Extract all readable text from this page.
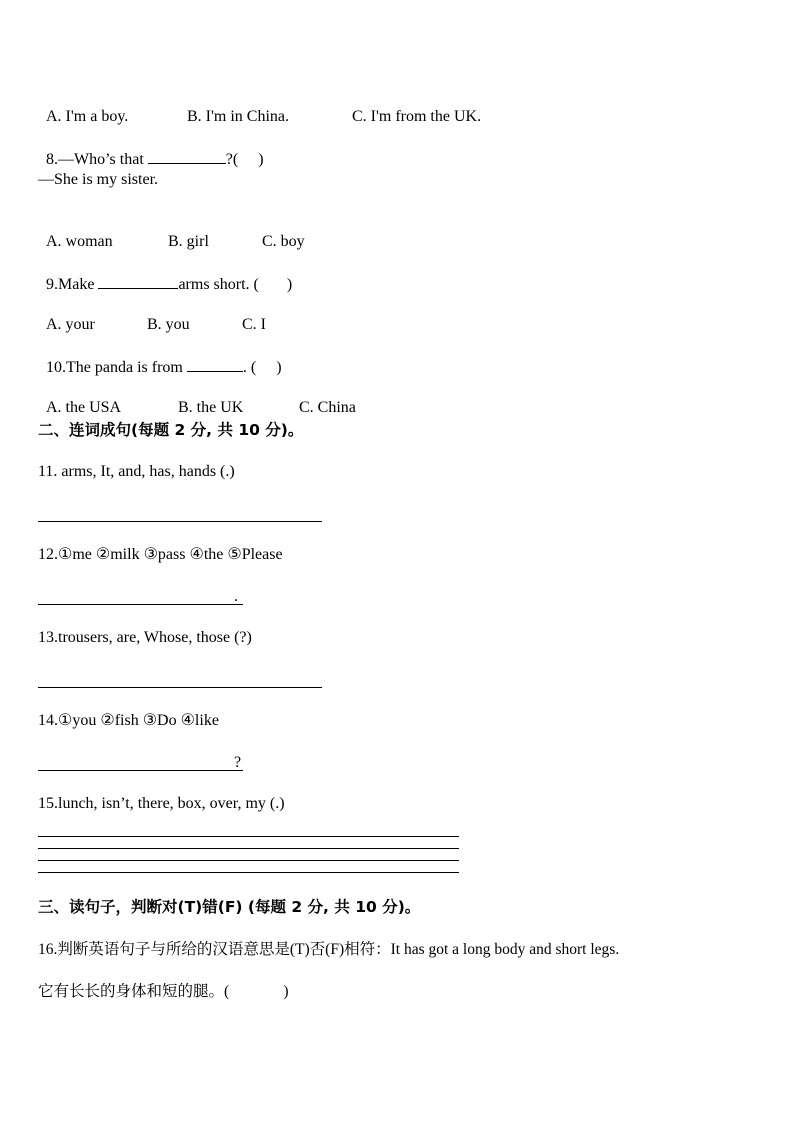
A. I'm a boy.	B. I'm in China.	C. I'm from the UK.

8.—Who’s that	?(     )

—She is my sister.

A. woman	B. girl	C. boy

9.Make	arms short. (       )

A. your	B. you	C. I

10.The panda is from	. (     )

A. the USA	B. the UK	C. China

二、连词成句(每题 2 分, 共 10 分)。
11. arms, It, and, has, hands (.)
12.①me ②milk ③pass ④the ⑤Please
.
13.trousers, are, Whose, those (?)
14.①you ②fish ③Do ④like
?
15.lunch, isn’t, there, box, over, my (.)
三、读句子，判断对(T)错(F) (每题 2 分, 共 10 分)。
16.判断英语句子与所给的汉语意思是(T)否(F)相符：It has got a long body and short legs.
它有长长的身体和短的腿。(              )
